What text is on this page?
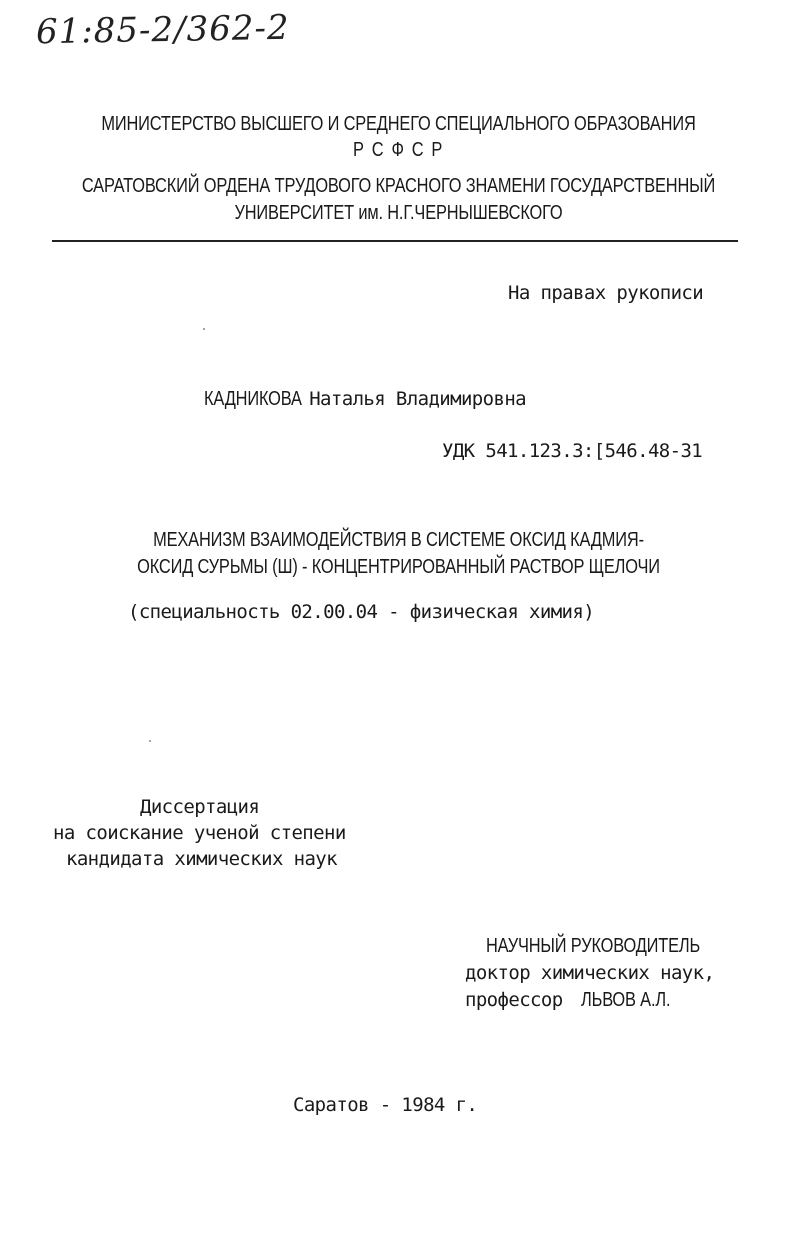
61:85-2/362-2
МИНИСТЕРСТВО ВЫСШЕГО И СРЕДНЕГО СПЕЦИАЛЬНОГО ОБРАЗОВАНИЯ
Р С Ф С Р
САРАТОВСКИЙ ОРДЕНА ТРУДОВОГО КРАСНОГО ЗНАМЕНИ ГОСУДАРСТВЕННЫЙ
УНИВЕРСИТЕТ им. Н.Г.ЧЕРНЫШЕВСКОГО
На правах рукописи
КАДНИКОВА Наталья Владимировна
УДК 541.123.3:[546.48-31
МЕХАНИЗМ ВЗАИМОДЕЙСТВИЯ В СИСТЕМЕ ОКСИД КАДМИЯ-
ОКСИД СУРЬМЫ (Ш) - КОНЦЕНТРИРОВАННЫЙ РАСТВОР ЩЕЛОЧИ
(специальность 02.00.04 - физическая химия)
Диссертация
на соискание ученой степени
кандидата химических наук
НАУЧНЫЙ РУКОВОДИТЕЛЬ
доктор химических наук,
профессор ЛЬВОВ А.Л.
Саратов - 1984 г.
